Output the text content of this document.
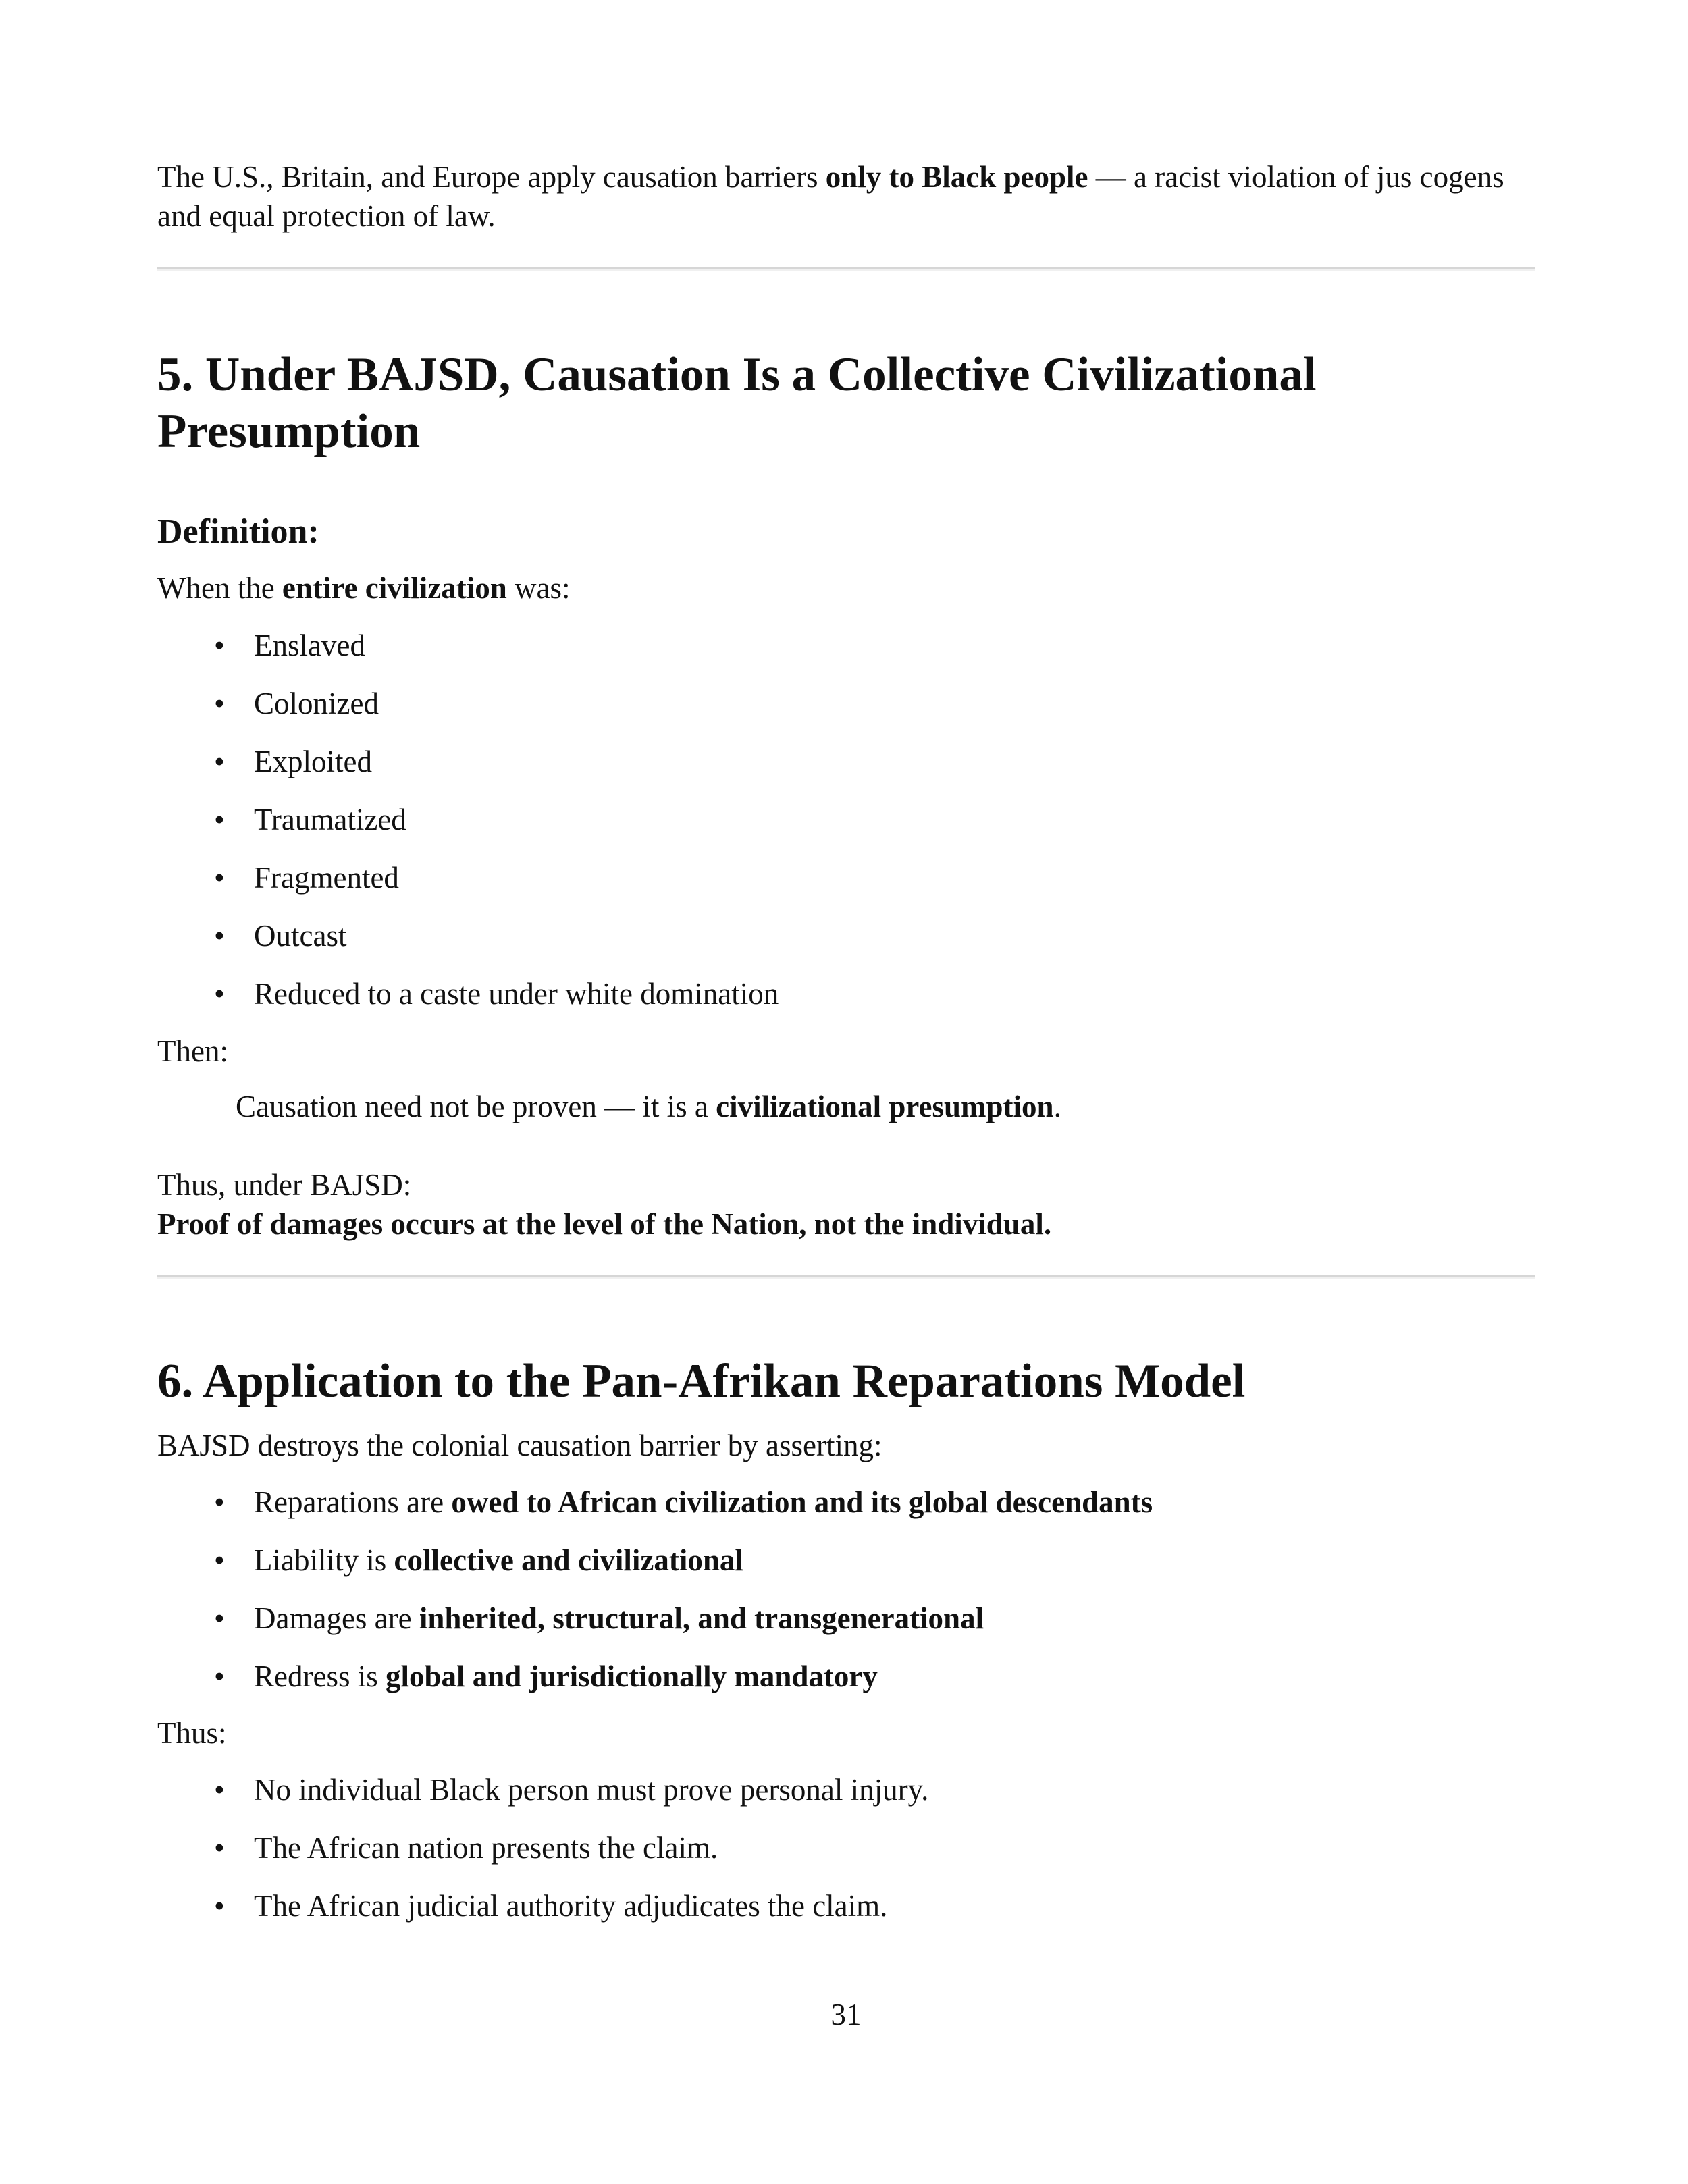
The U.S., Britain, and Europe apply causation barriers only to Black people — a racist violation of jus cogens and equal protection of law.

5. Under BAJSD, Causation Is a Collective Civilizational Presumption
Definition:

When the entire civilization was:

• Enslaved
• Colonized
• Exploited
• Traumatized
• Fragmented
• Outcast
• Reduced to a caste under white domination

Then:

Causation need not be proven — it is a civilizational presumption.

Thus, under BAJSD:

Proof of damages occurs at the level of the Nation, not the individual.

6. Application to the Pan-Afrikan Reparations Model

BAJSD destroys the colonial causation barrier by asserting:

• Reparations are owed to African civilization and its global descendants
• Liability is collective and civilizational
• Damages are inherited, structural, and transgenerational
• Redress is global and jurisdictionally mandatory

Thus:

• No individual Black person must prove personal injury.
• The African nation presents the claim.
• The African judicial authority adjudicates the claim.
31
